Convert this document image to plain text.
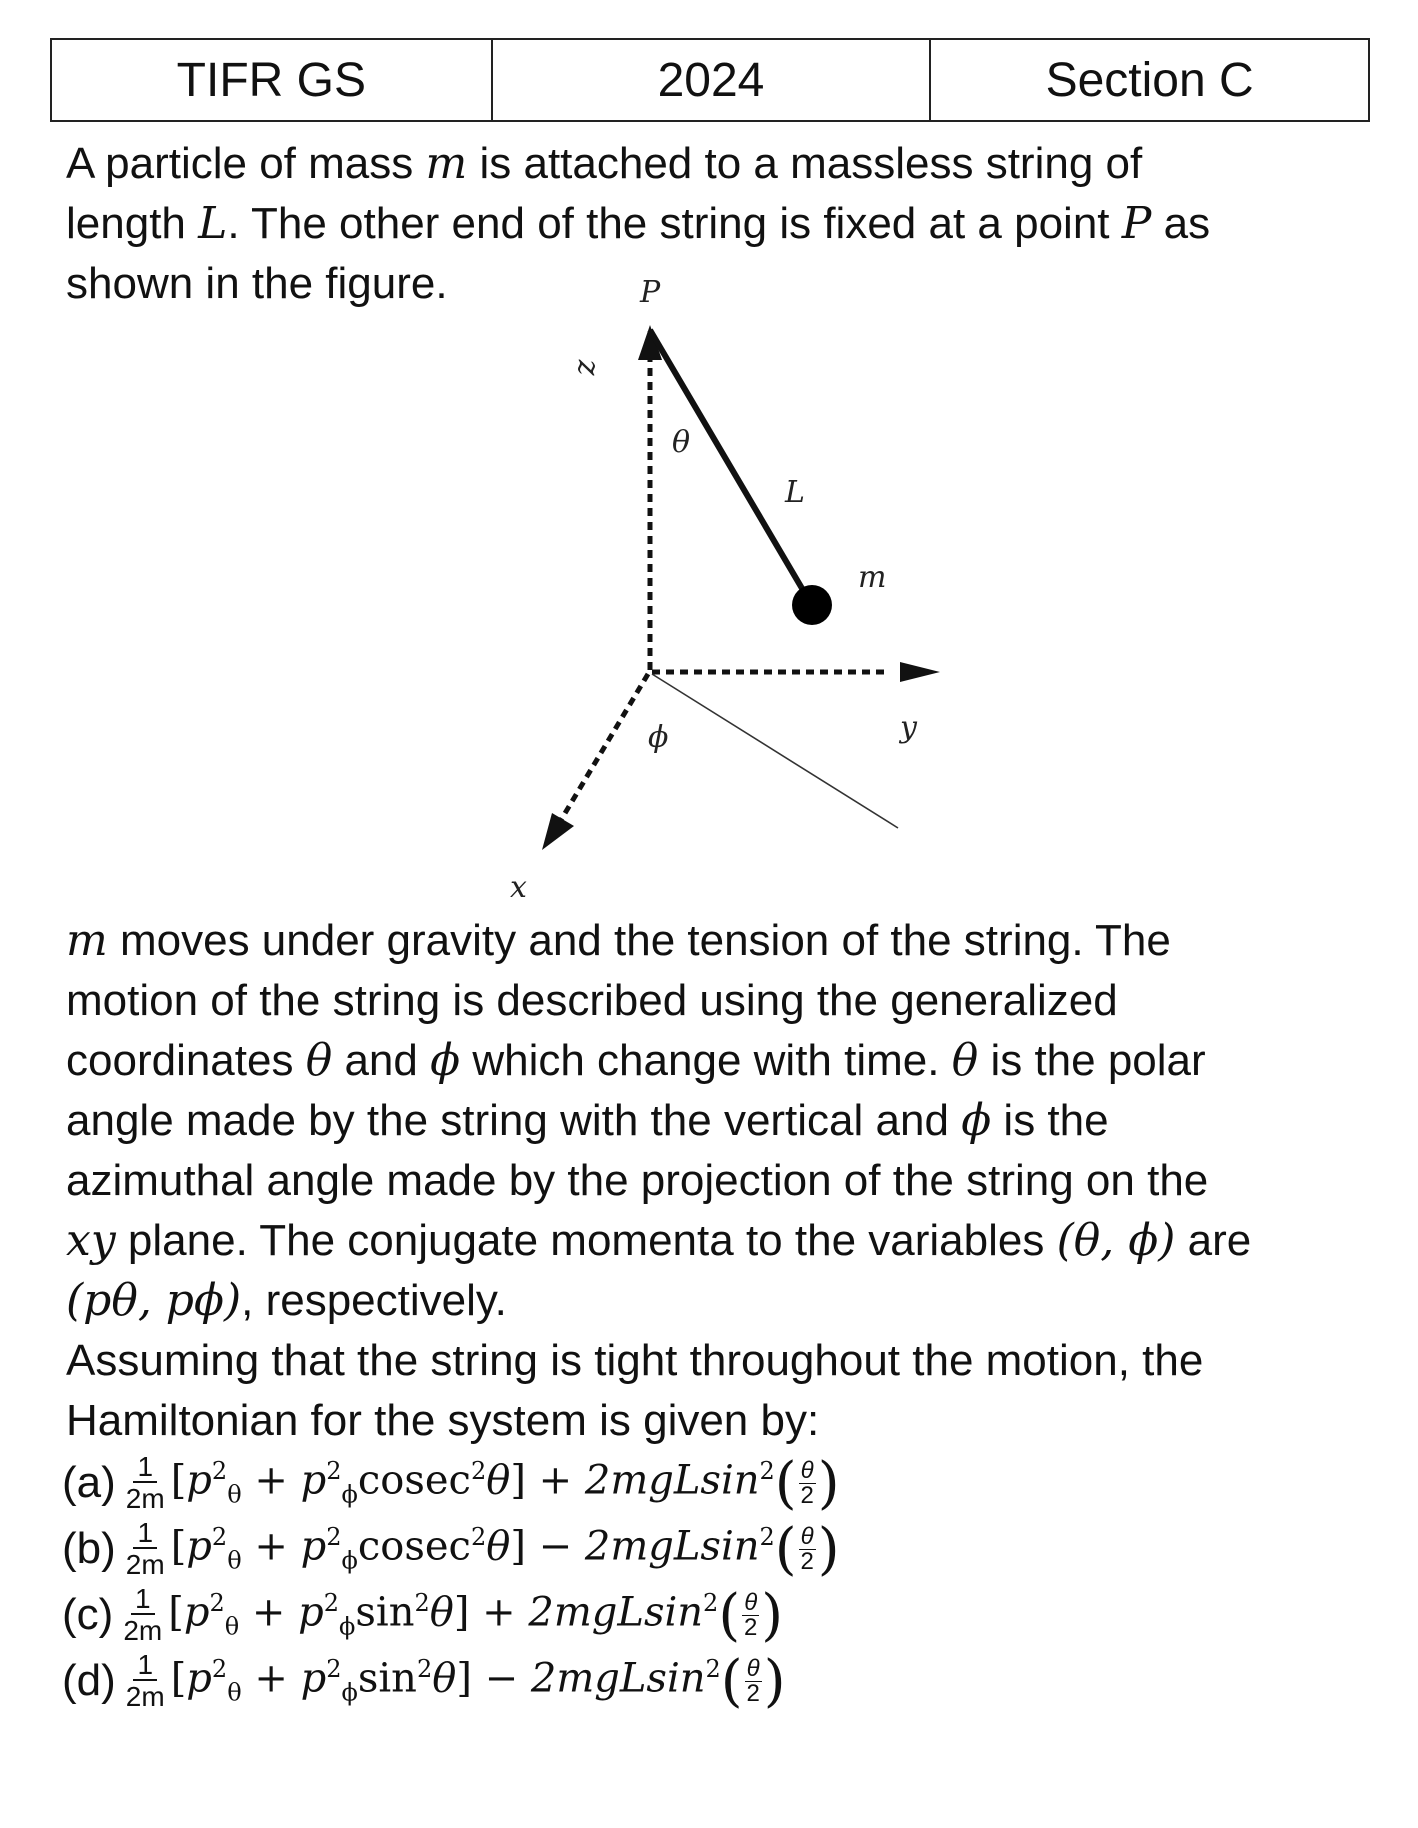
TIFR GS	2024	Section C
A particle of mass m is attached to a massless string of
length L. The other end of the string is fixed at a point P as
shown in the figure.	P
z
θ
L
m
ϕ	y
x
m moves under gravity and the tension of the string. The
motion of the string is described using the generalized
coordinates θ and ϕ which change with time. θ is the polar
angle made by the string with the vertical and ϕ is the
azimuthal angle made by the projection of the string on the
xy plane. The conjugate momenta to the variables (θ, ϕ) are
(pθ, pϕ), respectively.
Assuming that the string is tight throughout the motion, the
Hamiltonian for the system is given by:
$(a) \frac{1}{2m} [p^2_\theta + p^2_\phi cosec^2\theta] + 2mgLsin^2$ ( θ
2 )
$(b) \frac{1}{2m} [p^2_\theta + p^2_\phi cosec^2\theta] - 2mgLsin^2$ ( θ
2 )
$(c) \frac{1}{2m} [p^2_\theta + p^2_\phi\sin^2\theta] + 2mgLsin^2$ ( θ
2 )
$(d) \frac{1}{2m} [p^2_\theta + p^2_\phi\sin^2\theta] - 2mgLsin^2$ ( θ
2 )
